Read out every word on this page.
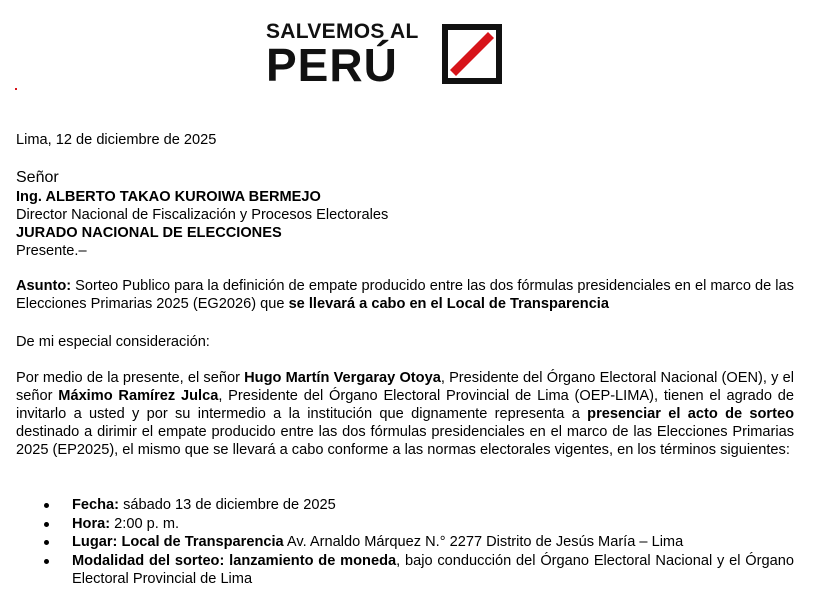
SALVEMOS AL
PERÚ

Lima, 12 de diciembre de 2025

Señor

Ing. ALBERTO TAKAO KUROIWA BERMEJO

Director Nacional de Fiscalización y Procesos Electorales

JURADO NACIONAL DE ELECCIONES

Presente.–

Asunto: Sorteo Publico para la definición de empate producido entre las dos fórmulas presidenciales en el marco de las Elecciones Primarias 2025 (EG2026) que se llevará a cabo en el Local de Transparencia

De mi especial consideración:

Por medio de la presente, el señor Hugo Martín Vergaray Otoya, Presidente del Órgano Electoral Nacional (OEN), y el señor Máximo Ramírez Julca, Presidente del Órgano Electoral Provincial de Lima (OEP-LIMA), tienen el agrado de invitarlo a usted y por su intermedio a la institución que dignamente representa a presenciar el acto de sorteo destinado a dirimir el empate producido entre las dos fórmulas presidenciales en el marco de las Elecciones Primarias 2025 (EP2025), el mismo que se llevará a cabo conforme a las normas electorales vigentes, en los términos siguientes:

Fecha: sábado 13 de diciembre de 2025
Hora: 2:00 p. m.
Lugar: Local de Transparencia Av. Arnaldo Márquez N.° 2277 Distrito de Jesús María – Lima
Modalidad del sorteo: lanzamiento de moneda, bajo conducción del Órgano Electoral Nacional y el Órgano Electoral Provincial de Lima
